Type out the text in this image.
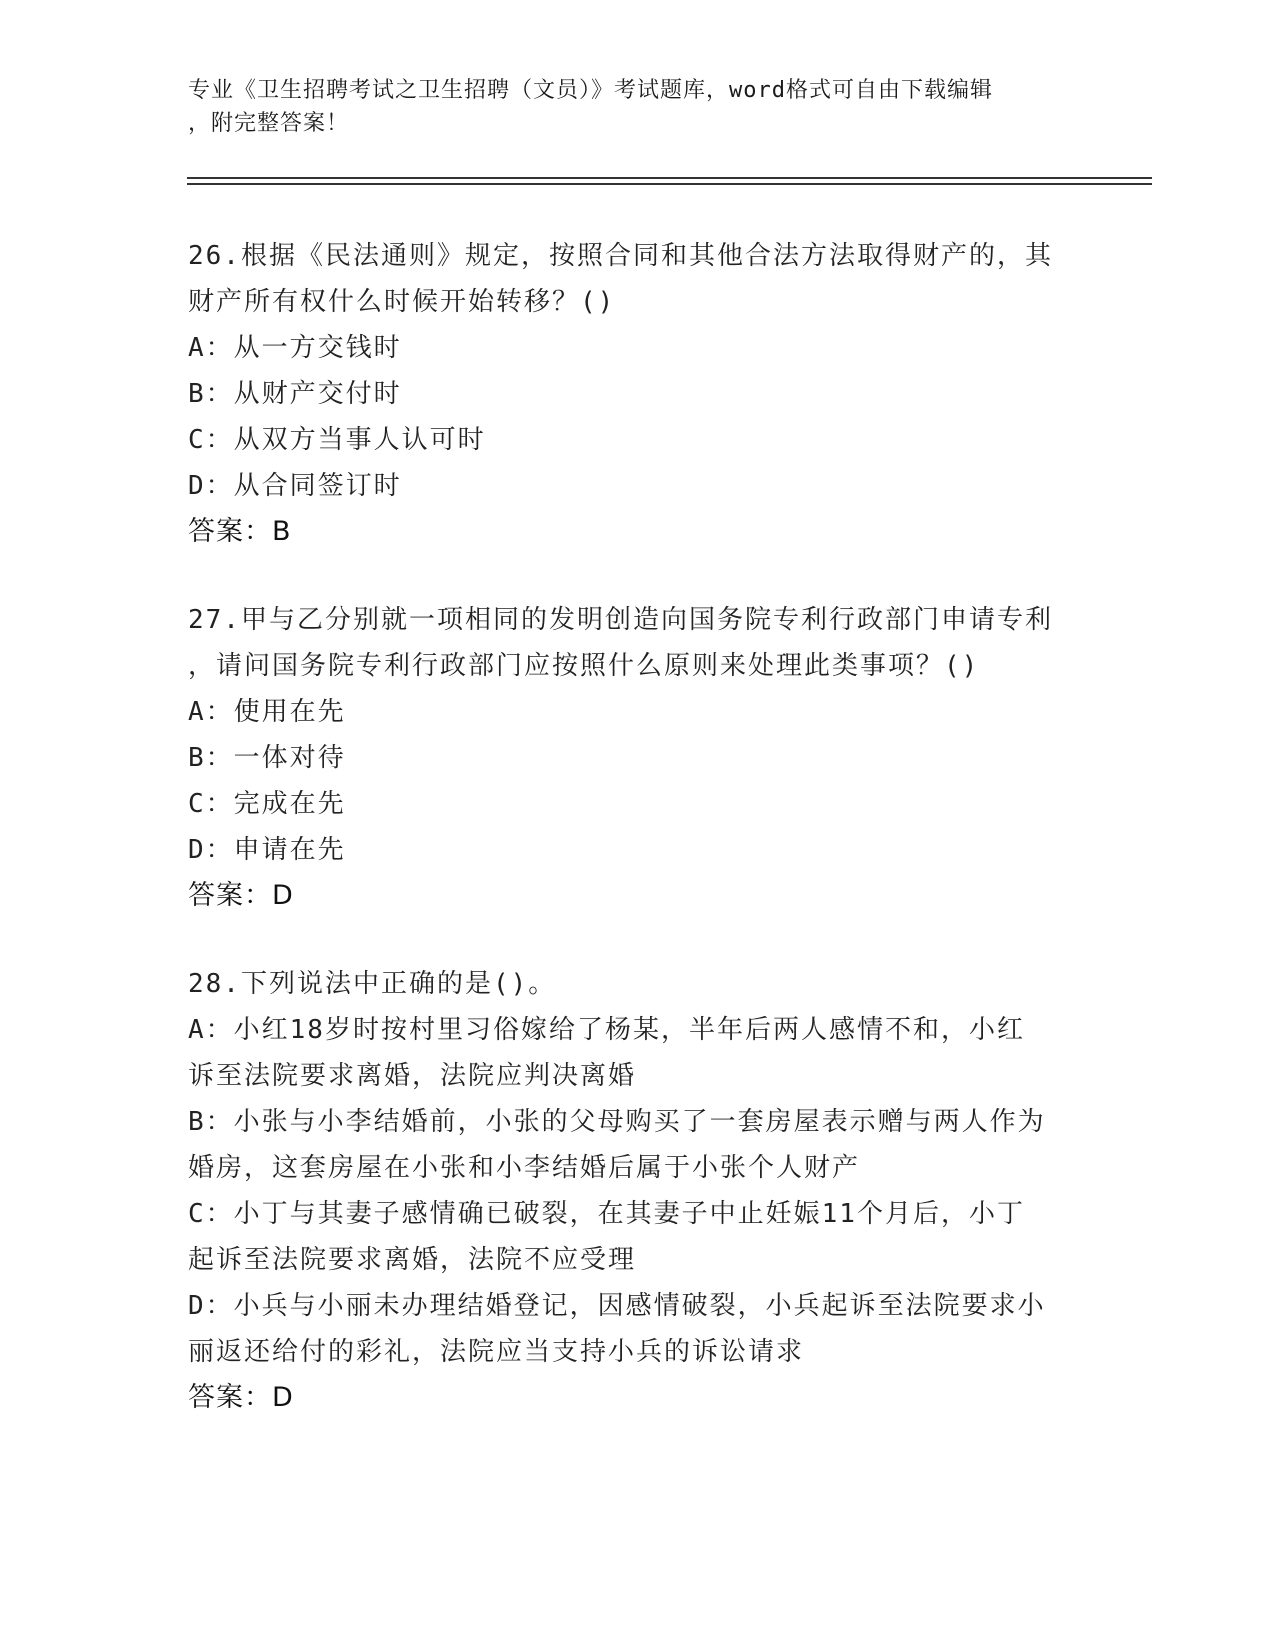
专业《卫生招聘考试之卫生招聘（文员）》考试题库，word格式可自由下载编辑
，附完整答案！
26.根据《民法通则》规定，按照合同和其他合法方法取得财产的，其
财产所有权什么时候开始转移？()
A：从一方交钱时
B：从财产交付时
C：从双方当事人认可时
D：从合同签订时
答案：B
27.甲与乙分别就一项相同的发明创造向国务院专利行政部门申请专利
，请问国务院专利行政部门应按照什么原则来处理此类事项？()
A：使用在先
B：一体对待
C：完成在先
D：申请在先
答案：D
28.下列说法中正确的是()。
A：小红18岁时按村里习俗嫁给了杨某，半年后两人感情不和，小红
诉至法院要求离婚，法院应判决离婚
B：小张与小李结婚前，小张的父母购买了一套房屋表示赠与两人作为
婚房，这套房屋在小张和小李结婚后属于小张个人财产
C：小丁与其妻子感情确已破裂，在其妻子中止妊娠11个月后，小丁
起诉至法院要求离婚，法院不应受理
D：小兵与小丽未办理结婚登记，因感情破裂，小兵起诉至法院要求小
丽返还给付的彩礼，法院应当支持小兵的诉讼请求
答案：D
